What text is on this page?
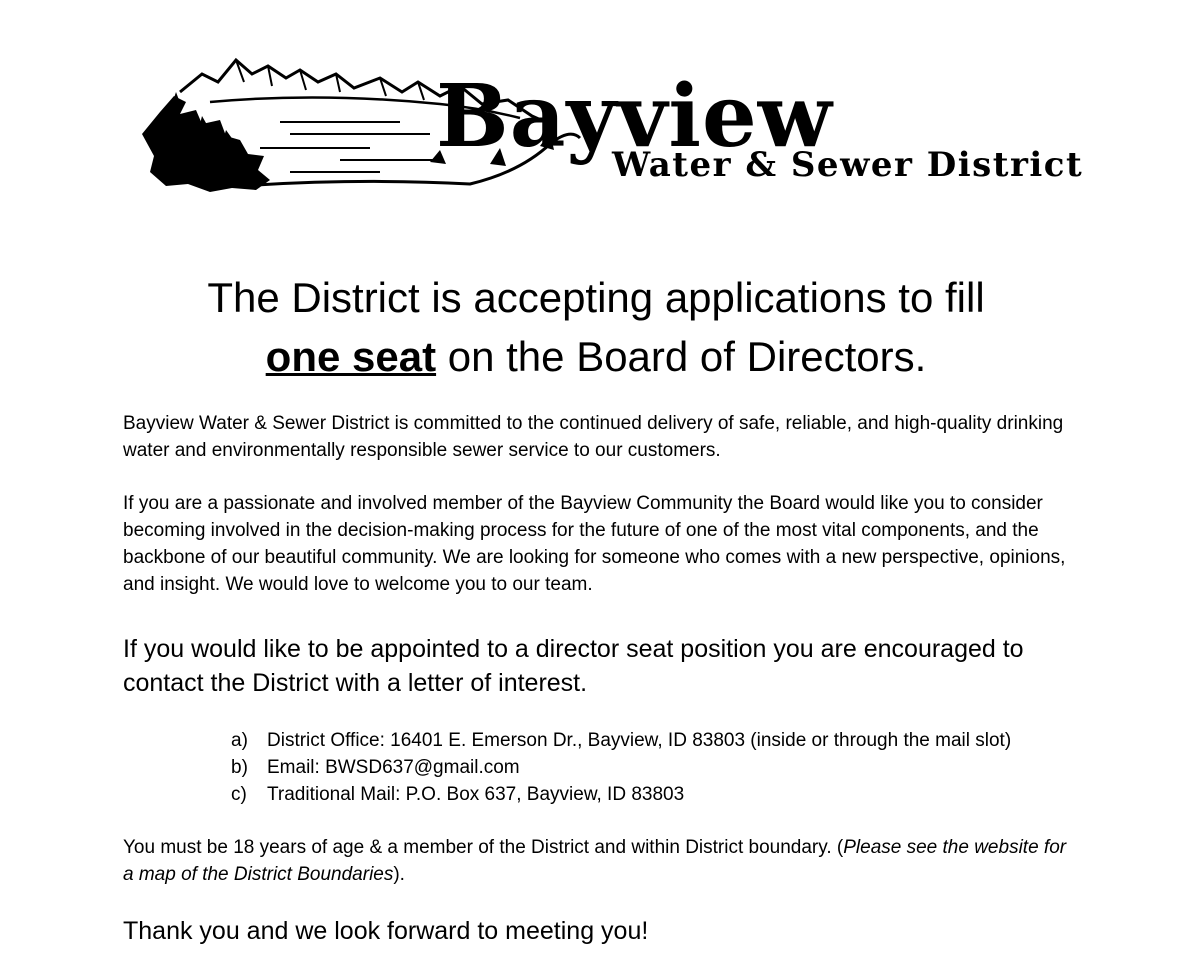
Bayview
Water & Sewer District
The District is accepting applications to fill
one seat on the Board of Directors.

Bayview Water & Sewer District is committed to the continued delivery of safe, reliable, and high-quality drinking water and environmentally responsible sewer service to our customers.

If you are a passionate and involved member of the Bayview Community the Board would like you to consider becoming involved in the decision-making process for the future of one of the most vital components, and the backbone of our beautiful community. We are looking for someone who comes with a new perspective, opinions, and insight. We would love to welcome you to our team.

If you would like to be appointed to a director seat position you are encouraged to contact the District with a letter of interest.

a)	District Office: 16401 E. Emerson Dr., Bayview, ID 83803 (inside or through the mail slot)
b)	Email: BWSD637@gmail.com
c)	Traditional Mail: P.O. Box 637, Bayview, ID 83803

You must be 18 years of age & a member of the District and within District boundary. (Please see the website for a map of the District Boundaries).

Thank you and we look forward to meeting you!
